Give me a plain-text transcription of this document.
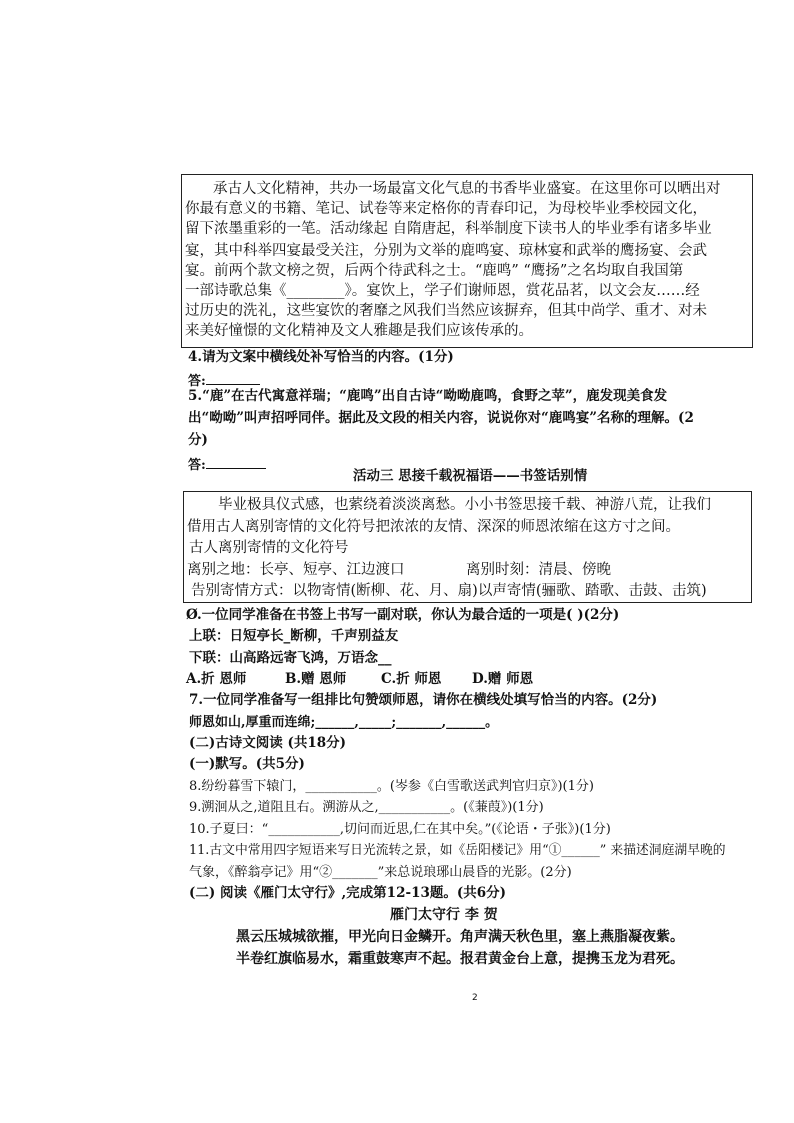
承古人文化精神，共办一场最富文化气息的书香毕业盛宴。在这里你可以晒出对
你最有意义的书籍、笔记、试卷等来定格你的青春印记，为母校毕业季校园文化，
留下浓墨重彩的一笔。活动缘起 自隋唐起，科举制度下读书人的毕业季有诸多毕业
宴，其中科举四宴最受关注，分别为文举的鹿鸣宴、琼林宴和武举的鹰扬宴、会武
宴。前两个款文榜之贺，后两个待武科之士。“鹿鸣” “鹰扬”之名均取自我国第
一部诗歌总集《________》。宴饮上，学子们谢师恩，赏花品茗，以文会友……经
过历史的洗礼，这些宴饮的奢靡之风我们当然应该摒弃，但其中尚学、重才、对未
来美好憧憬的文化精神及文人雅趣是我们应该传承的。
4.请为文案中横线处补写恰当的内容。(1分)
答:
5.“鹿”在古代寓意祥瑞；“鹿鸣”出自古诗“呦呦鹿鸣，食野之苹”，鹿发现美食发
出“呦呦”叫声招呼同伴。据此及文段的相关内容，说说你对“鹿鸣宴”名称的理解。(2
分)
答:
活动三 思接千载祝福语——书签话别情
毕业极具仪式感，也萦绕着淡淡离愁。小小书签思接千载、神游八荒，让我们
借用古人离别寄情的文化符号把浓浓的友情、深深的师恩浓缩在这方寸之间。
古人离别寄情的文化符号
离别之地：长亭、短亭、江边渡口	离别时刻：清晨、傍晚
告别寄情方式：以物寄情(断柳、花、月、扇)以声寄情(骊歌、踏歌、击鼓、击筑)
Ø.一位同学准备在书签上书写一副对联，你认为最合适的一项是( )(2分)
上联：日短亭长_断柳，千声别益友
下联：山高路远寄飞鸿，万语念__
A.折 恩师	B.赠 恩师	C.折 师恩 D.赠 师恩
7.一位同学准备写一组排比句赞颂师恩，请你在横线处填写恰当的内容。(2分)
师恩如山,厚重而连绵;______,_____;_______,______。
(二)古诗文阅读 (共18分)
(一)默写。(共5分)
8.纷纷暮雪下辕门，___________。(岑参《白雪歌送武判官归京》)(1分)
9.溯洄从之,道阻且右。溯游从之,___________。(《蒹葭》)(1分)
10.子夏曰：“___________,切问而近思,仁在其中矣。”(《论语・子张》)(1分)
11.古文中常用四字短语来写日光流转之景，如《岳阳楼记》用“①______” 来描述洞庭湖早晚的
气象，《醉翁亭记》用“②_______”来总说琅琊山晨昏的光影。(2分)
(二) 阅读《雁门太守行》,完成第12-13题。(共6分)
雁门太守行 李 贺
黑云压城城欲摧，甲光向日金鳞开。角声满天秋色里，塞上燕脂凝夜紫。
半卷红旗临易水，霜重鼓寒声不起。报君黄金台上意，提携玉龙为君死。
2
